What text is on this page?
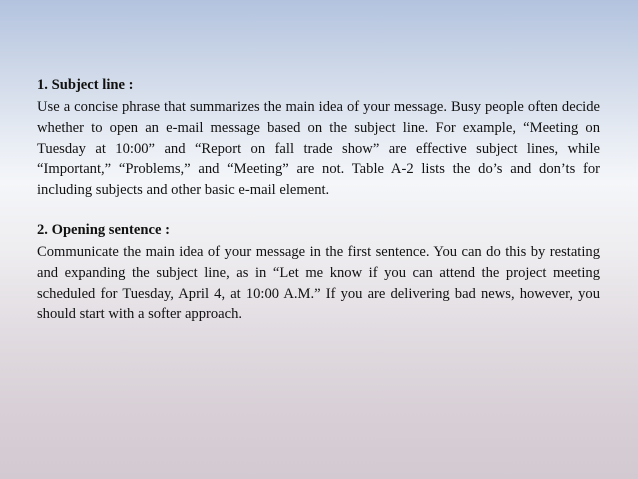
1. Subject line :

Use a concise phrase that summarizes the main idea of your message. Busy people often decide whether to open an e-mail message based on the subject line. For example, “Meeting on Tuesday at 10:00” and “Report on fall trade show” are effective subject lines, while “Important,” “Problems,” and “Meeting” are not. Table A-2 lists the do’s and don’ts for including subjects and other basic e-mail element.

2. Opening sentence :

Communicate the main idea of your message in the first sentence. You can do this by restating and expanding the subject line, as in “Let me know if you can attend the project meeting scheduled for Tuesday, April 4, at 10:00 A.M.” If you are delivering bad news, however, you should start with a softer approach.
